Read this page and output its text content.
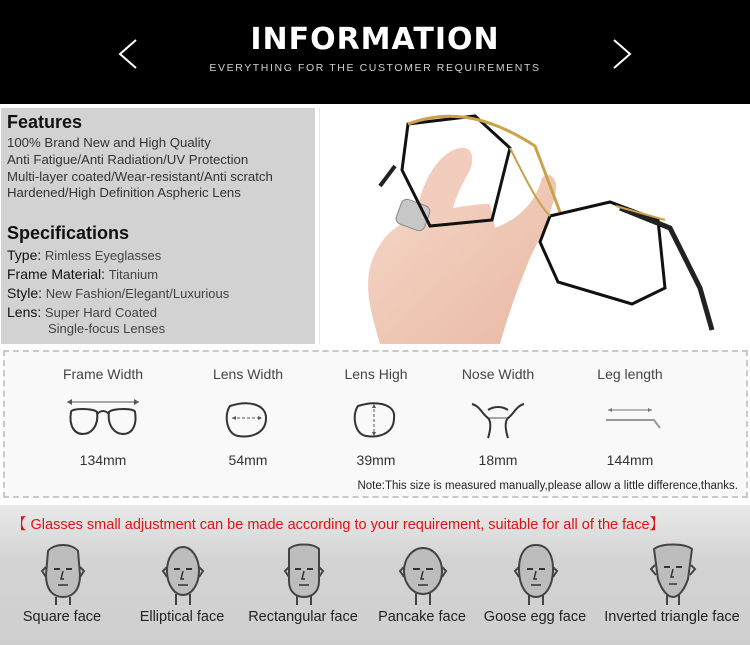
INFORMATION
EVERYTHING FOR THE CUSTOMER REQUIREMENTS
Features
100% Brand New and High Quality
Anti Fatigue/Anti Radiation/UV Protection
Multi-layer coated/Wear-resistant/Anti scratch
Hardened/High Definition Aspheric Lens
Specifications
Type: Rimless Eyeglasses
Frame Material: Titanium
Style: New Fashion/Elegant/Luxurious
Lens: Super Hard Coated
Single-focus Lenses
Frame Width
134mm
Lens Width
54mm
Lens High
39mm
Nose Width
18mm
Leg length
144mm
Note:This size is measured manually,please allow a little difference,thanks.
【 Glasses small adjustment can be made according to your requirement, suitable for all of the face】
Square face	Elliptical face	Rectangular face	Pancake face	Goose egg face	Inverted triangle face
